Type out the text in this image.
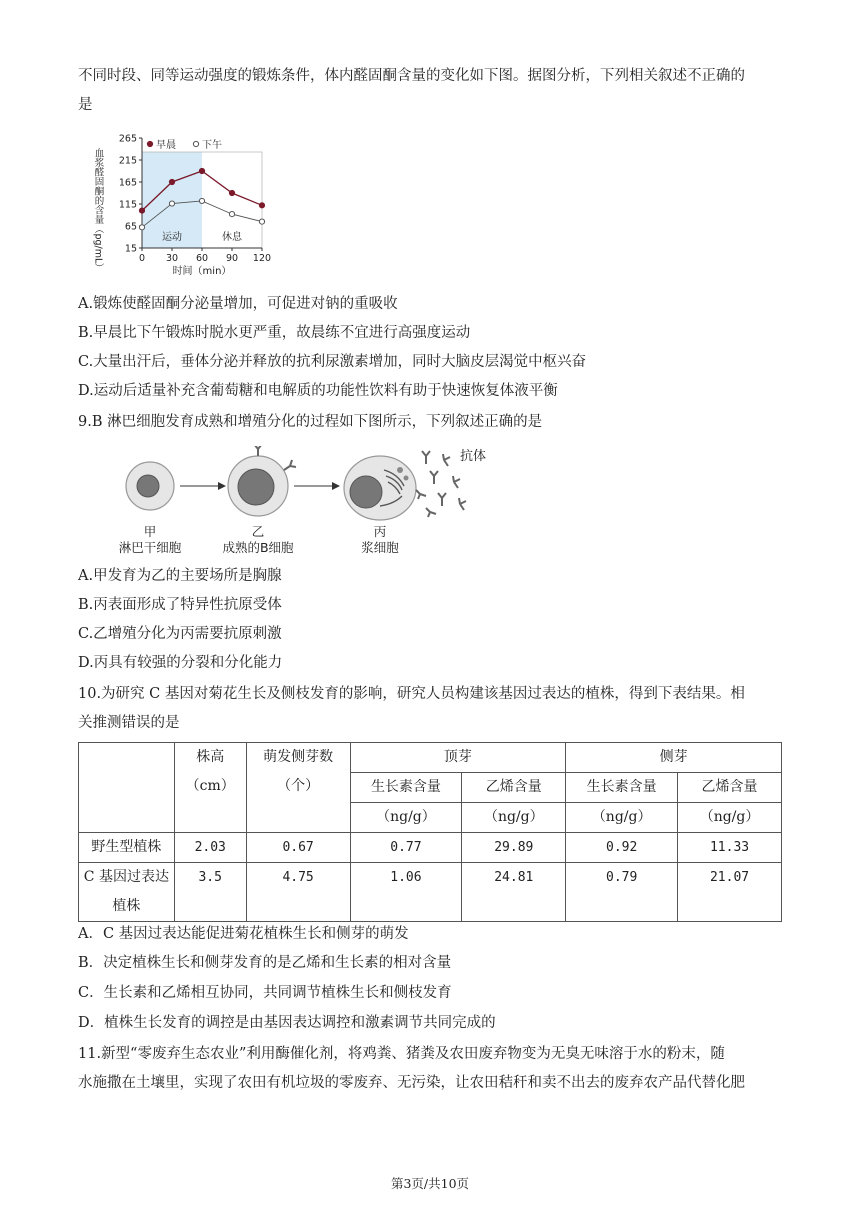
不同时段、同等运动强度的锻炼条件，体内醛固酮含量的变化如下图。据图分析，下列相关叙述不正确的
是
15
65
115
165
215
265
0 30 60 90 120
时间（min）
血浆醛固酮的含量（pg/mL）	运动	休息
早晨	下午
A.锻炼使醛固酮分泌量增加，可促进对钠的重吸收
B.早晨比下午锻炼时脱水更严重，故晨练不宜进行高强度运动
C.大量出汗后，垂体分泌并释放的抗利尿激素增加，同时大脑皮层渴觉中枢兴奋
D.运动后适量补充含葡萄糖和电解质的功能性饮料有助于快速恢复体液平衡
9.B 淋巴细胞发育成熟和增殖分化的过程如下图所示，下列叙述正确的是
抗体
甲
淋巴干细胞
乙
成熟的B细胞
丙
浆细胞
A.甲发育为乙的主要场所是胸腺
B.丙表面形成了特异性抗原受体
C.乙增殖分化为丙需要抗原刺激
D.丙具有较强的分裂和分化能力
10.为研究 C 基因对菊花生长及侧枝发育的影响，研究人员构建该基因过表达的植株，得到下表结果。相
关推测错误的是

	株高
（cm）	萌发侧芽数
（个）	顶芽		侧芽	
			生长素含量	乙烯含量	生长素含量	乙烯含量
			（ng/g）	（ng/g）	（ng/g）	（ng/g）
野生型植株	2.03	0.67	0.77	29.89	0.92	11.33

C 基因过表达
植株	3.5	4.75	1.06	24.81	0.79	21.07
A．C 基因过表达能促进菊花植株生长和侧芽的萌发
B．决定植株生长和侧芽发育的是乙烯和生长素的相对含量
C．生长素和乙烯相互协同，共同调节植株生长和侧枝发育
D．植株生长发育的调控是由基因表达调控和激素调节共同完成的
11.新型“零废弃生态农业”利用酶催化剂，将鸡粪、猪粪及农田废弃物变为无臭无味溶于水的粉末，随
水施撒在土壤里，实现了农田有机垃圾的零废弃、无污染，让农田秸秆和卖不出去的废弃农产品代替化肥
第3页/共10页
